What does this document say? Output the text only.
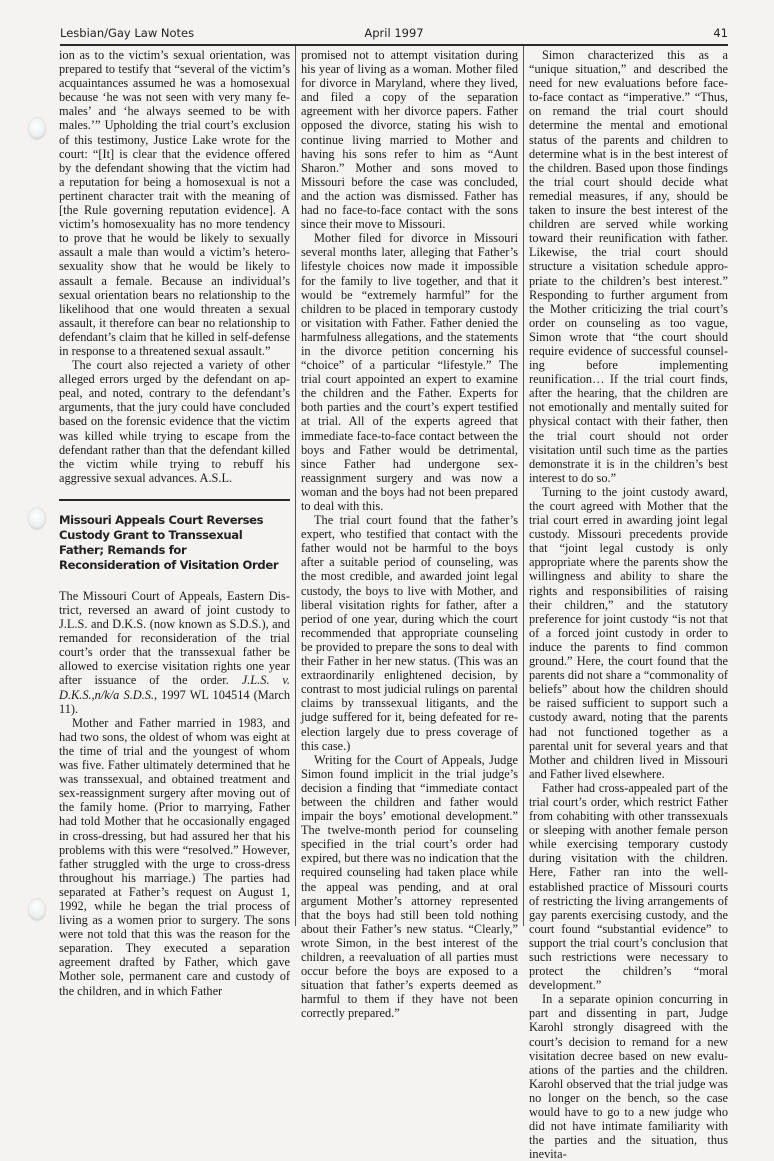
Lesbian/Gay Law Notes	April 1997	41

ion as to the victim’s sexual orientation, was prepared to testify that “several of the victim’s acquaintances assumed he was a homosexual because ‘he was not seen with very many females’ and ‘he always seemed to be with males.’” Upholding the trial court’s exclusion of this testimony, Justice Lake wrote for the court: “[It] is clear that the evidence offered by the defendant showing that the victim had a reputation for being a homosexual is not a pertinent character trait with the meaning of [the Rule governing reputation evidence]. A victim’s homosexuality has no more tendency to prove that he would be likely to sexually assault a male than would a victim’s heterosexuality show that he would be likely to assault a female. Because an individual’s sexual orientation bears no relationship to the likelihood that one would threaten a sexual assault, it therefore can bear no relationship to defendant’s claim that he killed in self-defense in response to a threatened sexual assault.”

The court also rejected a variety of other alleged errors urged by the defendant on appeal, and noted, contrary to the defendant’s arguments, that the jury could have concluded based on the forensic evidence that the victim was killed while trying to escape from the defendant rather than that the defendant killed the victim while trying to rebuff his aggressive sexual advances. A.S.L.

Missouri Appeals Court Reverses Custody Grant to Transsexual Father; Remands for Reconsideration of Visitation Order

The Missouri Court of Appeals, Eastern District, reversed an award of joint custody to J.L.S. and D.K.S. (now known as S.D.S.), and remanded for reconsideration of the trial court’s order that the transsexual father be allowed to exercise visitation rights one year after issuance of the order. J.L.S. v. D.K.S.,n/k/a S.D.S., 1997 WL 104514 (March 11).

Mother and Father married in 1983, and had two sons, the oldest of whom was eight at the time of trial and the youngest of whom was five. Father ultimately determined that he was transsexual, and obtained treatment and sex-reassignment surgery after moving out of the family home. (Prior to marrying, Father had told Mother that he occasionally engaged in cross-dressing, but had assured her that his problems with this were “resolved.” However, father struggled with the urge to cross-dress throughout his marriage.) The parties had separated at Father’s request on August 1, 1992, while he began the trial process of living as a women prior to surgery. The sons were not told that this was the reason for the separation. They executed a separation agreement drafted by Father, which gave Mother sole, permanent care and custody of the children, and in which Father

promised not to attempt visitation during his year of living as a woman. Mother filed for divorce in Maryland, where they lived, and filed a copy of the separation agreement with her divorce papers. Father opposed the divorce, stating his wish to continue living married to Mother and having his sons refer to him as “Aunt Sharon.” Mother and sons moved to Missouri before the case was concluded, and the action was dismissed. Father has had no face-to-face contact with the sons since their move to Missouri.

Mother filed for divorce in Missouri several months later, alleging that Father’s lifestyle choices now made it impossible for the family to live together, and that it would be “extremely harmful” for the children to be placed in temporary custody or visitation with Father. Father denied the harmfulness allegations, and the statements in the divorce petition concerning his “choice” of a particular “lifestyle.” The trial court appointed an expert to examine the children and the Father. Experts for both parties and the court’s expert testified at trial. All of the experts agreed that immediate face-to-face contact between the boys and Father would be detrimental, since Father had undergone sex-reassignment surgery and was now a woman and the boys had not been prepared to deal with this.

The trial court found that the father’s expert, who testified that contact with the father would not be harmful to the boys after a suitable period of counseling, was the most credible, and awarded joint legal custody, the boys to live with Mother, and liberal visitation rights for father, after a period of one year, during which the court recommended that appropriate counseling be provided to prepare the sons to deal with their Father in her new status. (This was an extraordinarily enlightened decision, by contrast to most judicial rulings on parental claims by transsexual litigants, and the judge suffered for it, being defeated for re-election largely due to press coverage of this case.)

Writing for the Court of Appeals, Judge Simon found implicit in the trial judge’s decision a finding that “immediate contact between the children and father would impair the boys’ emotional development.” The twelve-month period for counseling specified in the trial court’s order had expired, but there was no indication that the required counseling had taken place while the appeal was pending, and at oral argument Mother’s attorney represented that the boys had still been told nothing about their Father’s new status. “Clearly,” wrote Simon, in the best interest of the children, a reevaluation of all parties must occur before the boys are exposed to a situation that father’s experts deemed as harmful to them if they have not been correctly prepared.”

Simon characterized this as a “unique situation,” and described the need for new evaluations before face-to-face contact as “imperative.” “Thus, on remand the trial court should determine the mental and emotional status of the parents and children to determine what is in the best interest of the children. Based upon those findings the trial court should decide what remedial measures, if any, should be taken to insure the best interest of the children are served while working toward their reunification with father. Likewise, the trial court should structure a visitation schedule appropriate to the children’s best interest.” Responding to further argument from the Mother criticizing the trial court’s order on counseling as too vague, Simon wrote that “the court should require evidence of successful counseling before implementing reunification… If the trial court finds, after the hearing, that the children are not emotionally and mentally suited for physical contact with their father, then the trial court should not order visitation until such time as the parties demonstrate it is in the children’s best interest to do so.”

Turning to the joint custody award, the court agreed with Mother that the trial court erred in awarding joint legal custody. Missouri precedents provide that “joint legal custody is only appropriate where the parents show the willingness and ability to share the rights and responsibilities of raising their children,” and the statutory preference for joint custody “is not that of a forced joint custody in order to induce the parents to find common ground.” Here, the court found that the parents did not share a “commonality of beliefs” about how the children should be raised sufficient to support such a custody award, noting that the parents had not functioned together as a parental unit for several years and that Mother and children lived in Missouri and Father lived elsewhere.

Father had cross-appealed part of the trial court’s order, which restrict Father from cohabiting with other transsexuals or sleeping with another female person while exercising temporary custody during visitation with the children. Here, Father ran into the well-established practice of Missouri courts of restricting the living arrangements of gay parents exercising custody, and the court found “substantial evidence” to support the trial court’s conclusion that such restrictions were necessary to protect the children’s “moral development.”

In a separate opinion concurring in part and dissenting in part, Judge Karohl strongly disagreed with the court’s decision to remand for a new visitation decree based on new evaluations of the parties and the children. Karohl observed that the trial judge was no longer on the bench, so the case would have to go to a new judge who did not have intimate familiarity with the parties and the situation, thus inevita-
